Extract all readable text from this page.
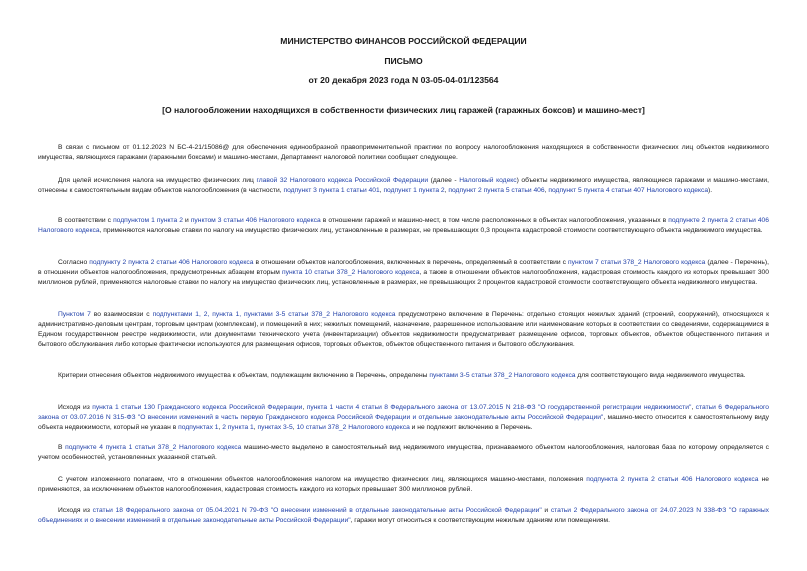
МИНИСТЕРСТВО ФИНАНСОВ РОССИЙСКОЙ ФЕДЕРАЦИИ
ПИСЬМО
от 20 декабря 2023 года N 03-05-04-01/123564
[О налогообложении находящихся в собственности физических лиц гаражей (гаражных боксов) и машино-мест]

В связи с письмом от 01.12.2023 N БС-4-21/15086@ для обеспечения единообразной правоприменительной практики по вопросу налогообложения находящихся в собственности физических лиц объектов недвижимого имущества, являющихся гаражами (гаражными боксами) и машино-местами, Департамент налоговой политики сообщает следующее.

Для целей исчисления налога на имущество физических лиц главой 32 Налогового кодекса Российской Федерации (далее - Налоговый кодекс) объекты недвижимого имущества, являющиеся гаражами и машино-местами, отнесены к самостоятельным видам объектов налогообложения (в частности, подпункт 3 пункта 1 статьи 401, подпункт 1 пункта 2, подпункт 2 пункта 5 статьи 406, подпункт 5 пункта 4 статьи 407 Налогового кодекса).

В соответствии с подпунктом 1 пункта 2 и пунктом 3 статьи 406 Налогового кодекса в отношении гаражей и машино-мест, в том числе расположенных в объектах налогообложения, указанных в подпункте 2 пункта 2 статьи 406 Налогового кодекса, применяются налоговые ставки по налогу на имущество физических лиц, установленные в размерах, не превышающих 0,3 процента кадастровой стоимости соответствующего объекта недвижимого имущества.

Согласно подпункту 2 пункта 2 статьи 406 Налогового кодекса в отношении объектов налогообложения, включенных в перечень, определяемый в соответствии с пунктом 7 статьи 378_2 Налогового кодекса (далее - Перечень), в отношении объектов налогообложения, предусмотренных абзацем вторым пункта 10 статьи 378_2 Налогового кодекса, а также в отношении объектов налогообложения, кадастровая стоимость каждого из которых превышает 300 миллионов рублей, применяются налоговые ставки по налогу на имущество физических лиц, установленные в размерах, не превышающих 2 процентов кадастровой стоимости соответствующего объекта недвижимого имущества.

Пунктом 7 во взаимосвязи с подпунктами 1, 2, пункта 1, пунктами 3-5 статьи 378_2 Налогового кодекса предусмотрено включение в Перечень: отдельно стоящих нежилых зданий (строений, сооружений), относящихся к административно-деловым центрам, торговым центрам (комплексам), и помещений в них; нежилых помещений, назначение, разрешенное использование или наименование которых в соответствии со сведениями, содержащимися в Едином государственном реестре недвижимости, или документами технического учета (инвентаризации) объектов недвижимости предусматривает размещение офисов, торговых объектов, объектов общественного питания и бытового обслуживания либо которые фактически используются для размещения офисов, торговых объектов, объектов общественного питания и бытового обслуживания.

Критерии отнесения объектов недвижимого имущества к объектам, подлежащим включению в Перечень, определены пунктами 3-5 статьи 378_2 Налогового кодекса для соответствующего вида недвижимого имущества.

Исходя из пункта 1 статьи 130 Гражданского кодекса Российской Федерации, пункта 1 части 4 статьи 8 Федерального закона от 13.07.2015 N 218-ФЗ "О государственной регистрации недвижимости", статьи 6 Федерального закона от 03.07.2016 N 315-ФЗ "О внесении изменений в часть первую Гражданского кодекса Российской Федерации и отдельные законодательные акты Российской Федерации", машино-место относится к самостоятельному виду объекта недвижимости, который не указан в подпунктах 1, 2 пункта 1, пунктах 3-5, 10 статьи 378_2 Налогового кодекса и не подлежит включению в Перечень.

В подпункте 4 пункта 1 статьи 378_2 Налогового кодекса машино-место выделено в самостоятельный вид недвижимого имущества, признаваемого объектом налогообложения, налоговая база по которому определяется с учетом особенностей, установленных указанной статьей.

С учетом изложенного полагаем, что в отношении объектов налогообложения налогом на имущество физических лиц, являющихся машино-местами, положения подпункта 2 пункта 2 статьи 406 Налогового кодекса не применяются, за исключением объектов налогообложения, кадастровая стоимость каждого из которых превышает 300 миллионов рублей.

Исходя из статьи 18 Федерального закона от 05.04.2021 N 79-ФЗ "О внесении изменений в отдельные законодательные акты Российской Федерации" и статьи 2 Федерального закона от 24.07.2023 N 338-ФЗ "О гаражных объединениях и о внесении изменений в отдельные законодательные акты Российской Федерации", гаражи могут относиться к соответствующим нежилым зданиям или помещениям.
